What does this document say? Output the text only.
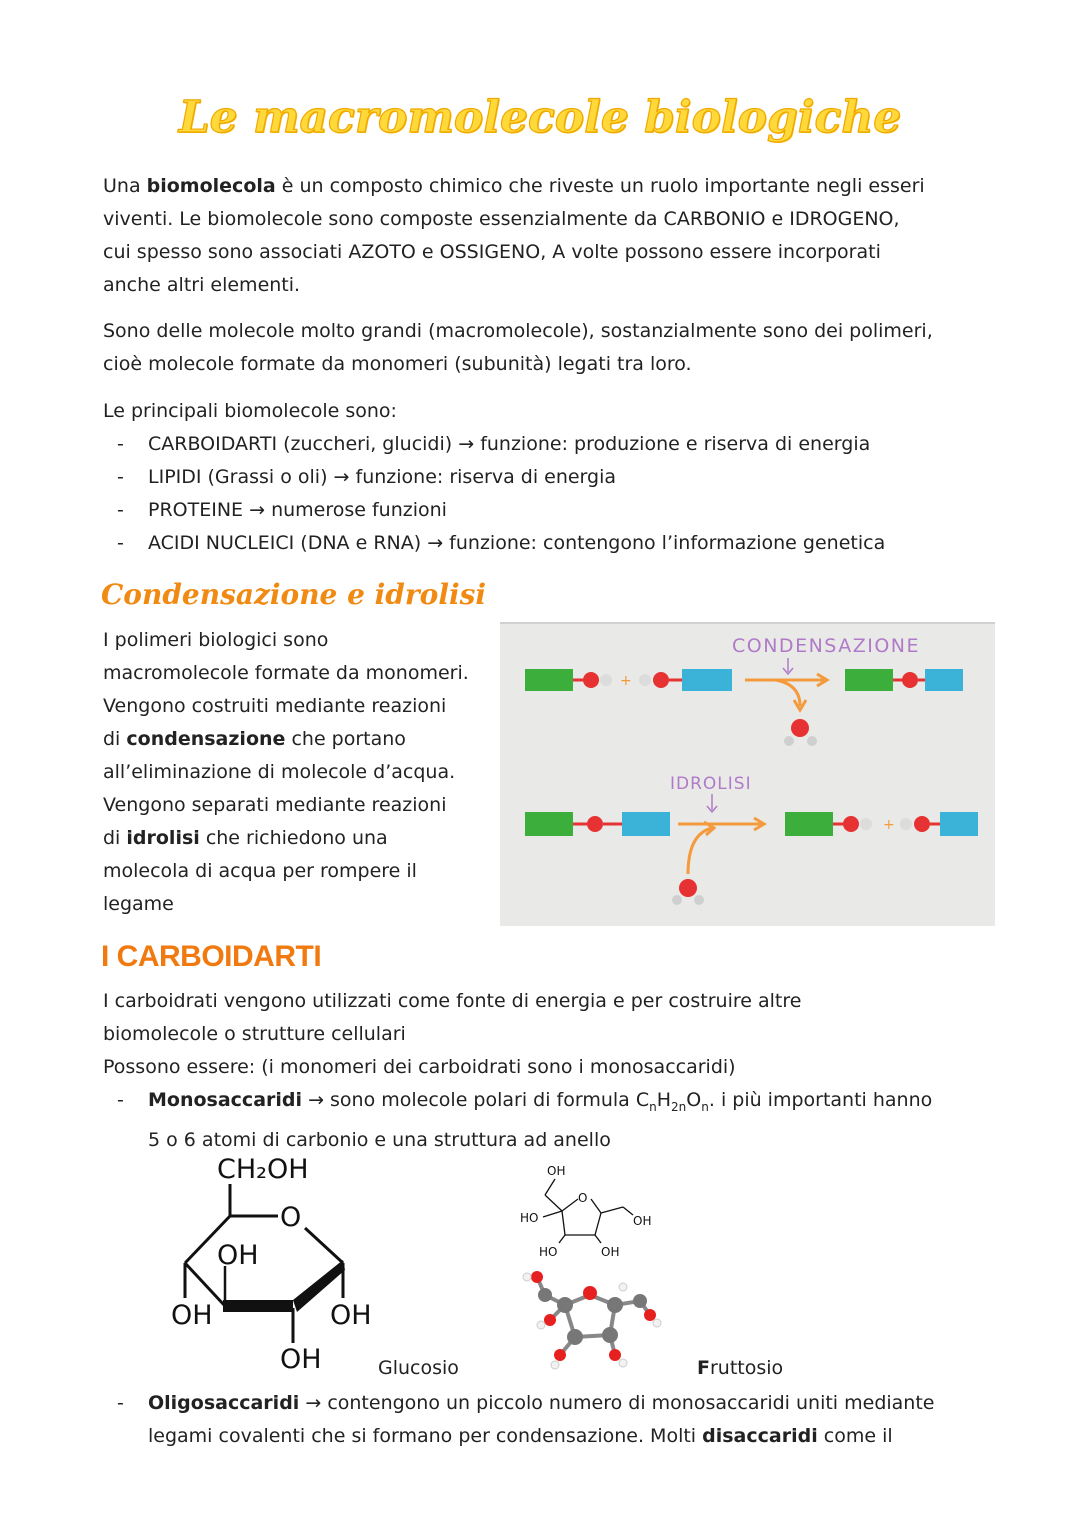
Le macromolecole biologiche
Una biomolecola è un composto chimico che riveste un ruolo importante negli esseri
viventi. Le biomolecole sono composte essenzialmente da CARBONIO e IDROGENO,
cui spesso sono associati AZOTO e OSSIGENO, A volte possono essere incorporati
anche altri elementi.
Sono delle molecole molto grandi (macromolecole), sostanzialmente sono dei polimeri,
cioè molecole formate da monomeri (subunità) legati tra loro.
Le principali biomolecole sono:
- CARBOIDARTI (zuccheri, glucidi) → funzione: produzione e riserva di energia
- LIPIDI (Grassi o oli) → funzione: riserva di energia
- PROTEINE → numerose funzioni
- ACIDI NUCLEICI (DNA e RNA) → funzione: contengono l’informazione genetica
Condensazione e idrolisi
I polimeri biologici sono
macromolecole formate da monomeri.
Vengono costruiti mediante reazioni
di condensazione che portano
all’eliminazione di molecole d’acqua.
Vengono separati mediante reazioni
di idrolisi che richiedono una
molecola di acqua per rompere il
legame
CONDENSAZIONE
+
IDROLISI
+
I CARBOIDARTI
I carboidrati vengono utilizzati come fonte di energia e per costruire altre
biomolecole o strutture cellulari
Possono essere: (i monomeri dei carboidrati sono i monosaccaridi)
- Monosaccaridi → sono molecole polari di formula $C_nH_{2n}O_n$. i più importanti hanno
5 o 6 atomi di carbonio e una struttura ad anello
CH₂OH
O
OH
OH	OH
OH	Glucosio
OH
O
OH
HO
HO	OH
Fruttosio
- Oligosaccaridi → contengono un piccolo numero di monosaccaridi uniti mediante
legami covalenti che si formano per condensazione. Molti disaccaridi come il
